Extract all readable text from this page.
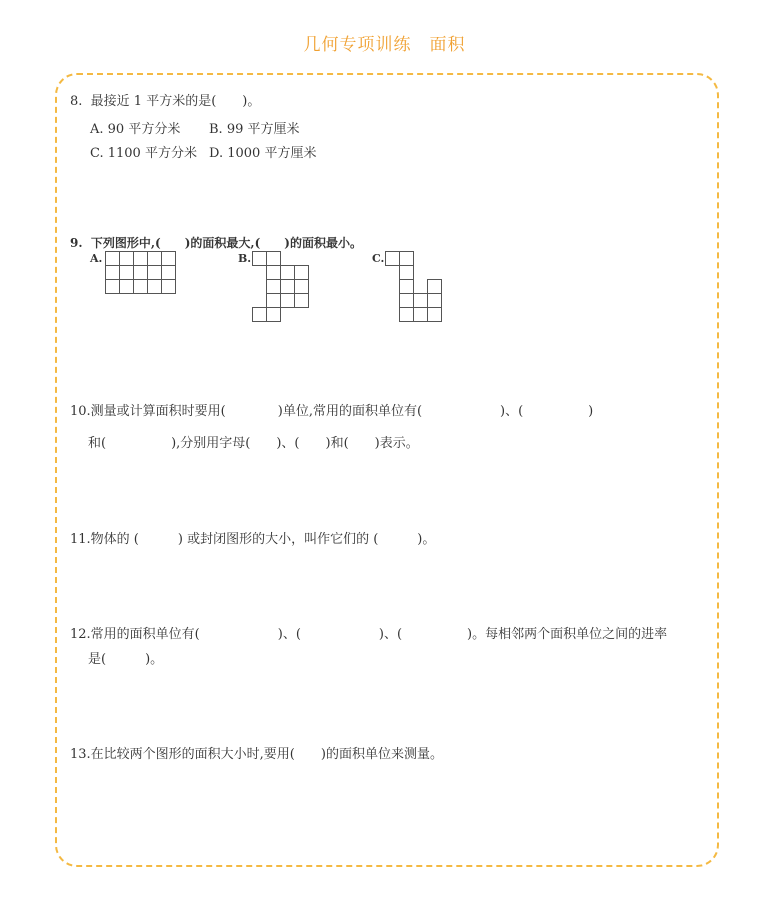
几何专项训练　面积
8.  最接近 1 平方米的是(　　)。
A. 90 平方分米 B. 99 平方厘米
C. 1100 平方分米 D. 1000 平方厘米
9.  下列图形中,(　　)的面积最大,(　　)的面积最小。
A.	B.	C.
10.测量或计算面积时要用(　　　　)单位,常用的面积单位有(　　　　　　)、(　　　　　)
和(　　　　　),分别用字母(　　)、(　　)和(　　)表示。
11.物体的 (　　　) 或封闭图形的大小，叫作它们的 (　　　)。
12.常用的面积单位有(　　　　　　)、(　　　　　　)、(　　　　　)。每相邻两个面积单位之间的进率
是(　　　)。
13.在比较两个图形的面积大小时,要用(　　)的面积单位来测量。
